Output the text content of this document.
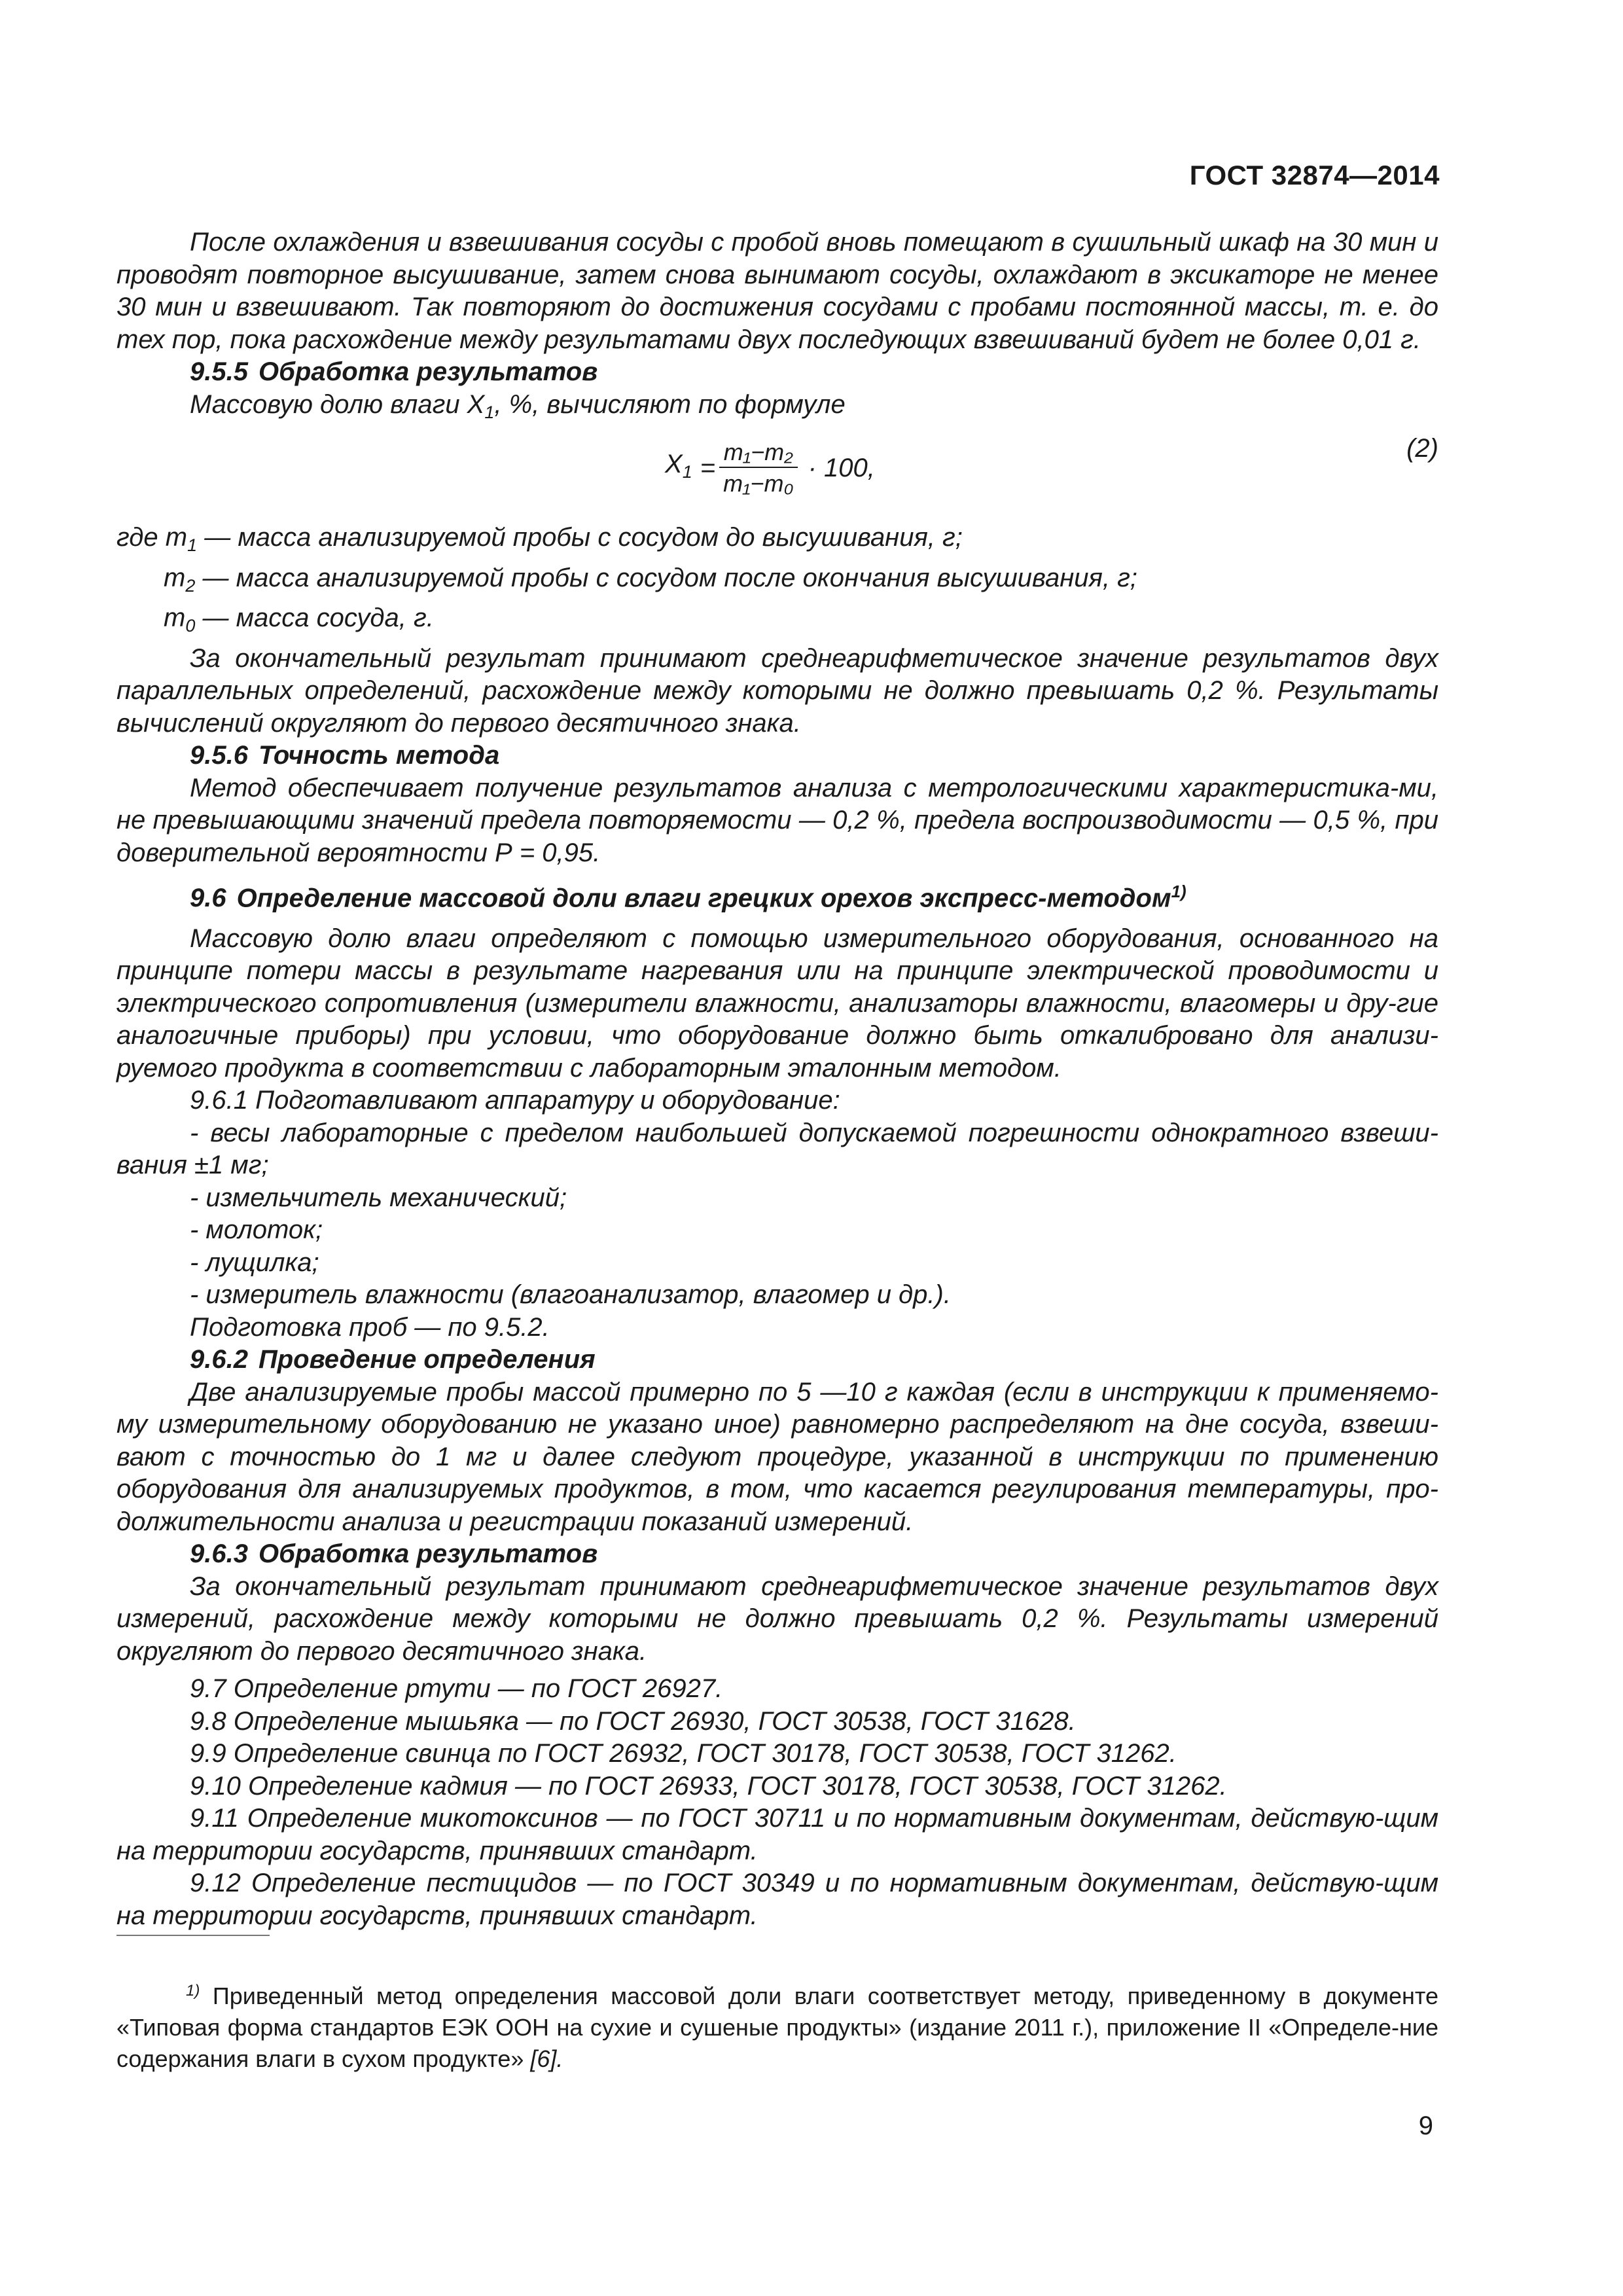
ГОСТ 32874—2014

После охлаждения и взвешивания сосуды с пробой вновь помещают в сушильный шкаф на 30 мин и проводят повторное высушивание, затем снова вынимают сосуды, охлаждают в эксикаторе не менее 30 мин и взвешивают. Так повторяют до достижения сосудами с пробами постоянной массы, т. е. до тех пор, пока расхождение между результатами двух последующих взвешиваний будет не более 0,01 г.

9.5.5 Обработка результатов

Массовую долю влаги $X_1$, %, вычисляют по формуле

$X_1 = \frac{\text{m₁−m₂}}{\text{m₁−m₀}} \cdot 100$,
(2)

где $m_1$ — масса анализируемой пробы с сосудом до высушивания, г;

$m_2$ — масса анализируемой пробы с сосудом после окончания высушивания, г;

$m_0$ — масса сосуда, г.

За окончательный результат принимают среднеарифметическое значение результатов двух параллельных определений, расхождение между которыми не должно превышать 0,2 %. Результаты вычислений округляют до первого десятичного знака.

9.5.6 Точность метода

Метод обеспечивает получение результатов анализа с метрологическими характеристика-ми, не превышающими значений предела повторяемости — 0,2 %, предела воспроизводимости — 0,5 %, при доверительной вероятности Р = 0,95.

9.6 Определение массовой доли влаги грецких орехов экспресс-методом$^{1)}$

Массовую долю влаги определяют с помощью измерительного оборудования, основанного на принципе потери массы в результате нагревания или на принципе электрической проводимости и электрического сопротивления (измерители влажности, анализаторы влажности, влагомеры и дру-гие аналогичные приборы) при условии, что оборудование должно быть откалибровано для анализи-руемого продукта в соответствии с лабораторным эталонным методом.

9.6.1 Подготавливают аппаратуру и оборудование:

- весы лабораторные с пределом наибольшей допускаемой погрешности однократного взвеши-вания ±1 мг;

- измельчитель механический;

- молоток;

- лущилка;

- измеритель влажности (влагоанализатор, влагомер и др.).

Подготовка проб — по 9.5.2.

9.6.2 Проведение определения

Две анализируемые пробы массой примерно по 5 —10 г каждая (если в инструкции к применяемо-му измерительному оборудованию не указано иное) равномерно распределяют на дне сосуда, взвеши-вают с точностью до 1 мг и далее следуют процедуре, указанной в инструкции по применению оборудования для анализируемых продуктов, в том, что касается регулирования температуры, про-должительности анализа и регистрации показаний измерений.

9.6.3 Обработка результатов

За окончательный результат принимают среднеарифметическое значение результатов двух измерений, расхождение между которыми не должно превышать 0,2 %. Результаты измерений округляют до первого десятичного знака.

9.7 Определение ртути — по ГОСТ 26927.

9.8 Определение мышьяка — по ГОСТ 26930, ГОСТ 30538, ГОСТ 31628.

9.9 Определение свинца по ГОСТ 26932, ГОСТ 30178, ГОСТ 30538, ГОСТ 31262.

9.10 Определение кадмия — по ГОСТ 26933, ГОСТ 30178, ГОСТ 30538, ГОСТ 31262.

9.11 Определение микотоксинов — по ГОСТ 30711 и по нормативным документам, действую-щим на территории государств, принявших стандарт.

9.12 Определение пестицидов — по ГОСТ 30349 и по нормативным документам, действую-щим на территории государств, принявших стандарт.

$^{1)}$ Приведенный метод определения массовой доли влаги соответствует методу, приведенному в документе «Типовая форма стандартов ЕЭК ООН на сухие и сушеные продукты» (издание 2011 г.), приложение II «Определе-ние содержания влаги в сухом продукте» [6].

9
